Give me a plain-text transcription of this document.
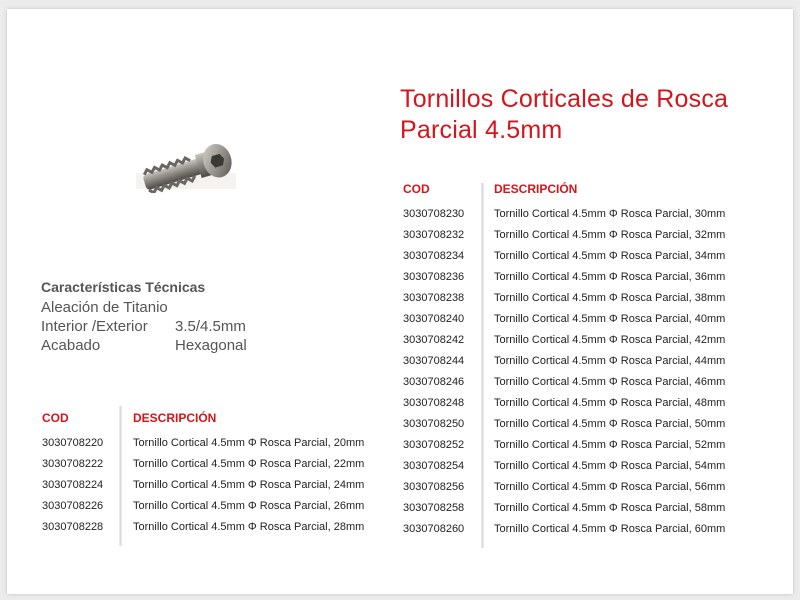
Tornillos Corticales de Rosca Parcial 4.5mm
Características Técnicas
Aleación de Titanio
Interior /Exterior 3.5/4.5mm
Acabado	Hexagonal
COD	DESCRIPCIÓN
3030708220	Tornillo Cortical 4.5mm Φ Rosca Parcial, 20mm
3030708222	Tornillo Cortical 4.5mm Φ Rosca Parcial, 22mm
3030708224	Tornillo Cortical 4.5mm Φ Rosca Parcial, 24mm
3030708226	Tornillo Cortical 4.5mm Φ Rosca Parcial, 26mm
3030708228	Tornillo Cortical 4.5mm Φ Rosca Parcial, 28mm
COD	DESCRIPCIÓN
3030708230	Tornillo Cortical 4.5mm Φ Rosca Parcial, 30mm
3030708232	Tornillo Cortical 4.5mm Φ Rosca Parcial, 32mm
3030708234	Tornillo Cortical 4.5mm Φ Rosca Parcial, 34mm
3030708236	Tornillo Cortical 4.5mm Φ Rosca Parcial, 36mm
3030708238	Tornillo Cortical 4.5mm Φ Rosca Parcial, 38mm
3030708240	Tornillo Cortical 4.5mm Φ Rosca Parcial, 40mm
3030708242	Tornillo Cortical 4.5mm Φ Rosca Parcial, 42mm
3030708244	Tornillo Cortical 4.5mm Φ Rosca Parcial, 44mm
3030708246	Tornillo Cortical 4.5mm Φ Rosca Parcial, 46mm
3030708248	Tornillo Cortical 4.5mm Φ Rosca Parcial, 48mm
3030708250	Tornillo Cortical 4.5mm Φ Rosca Parcial, 50mm
3030708252	Tornillo Cortical 4.5mm Φ Rosca Parcial, 52mm
3030708254	Tornillo Cortical 4.5mm Φ Rosca Parcial, 54mm
3030708256	Tornillo Cortical 4.5mm Φ Rosca Parcial, 56mm
3030708258	Tornillo Cortical 4.5mm Φ Rosca Parcial, 58mm
3030708260	Tornillo Cortical 4.5mm Φ Rosca Parcial, 60mm
